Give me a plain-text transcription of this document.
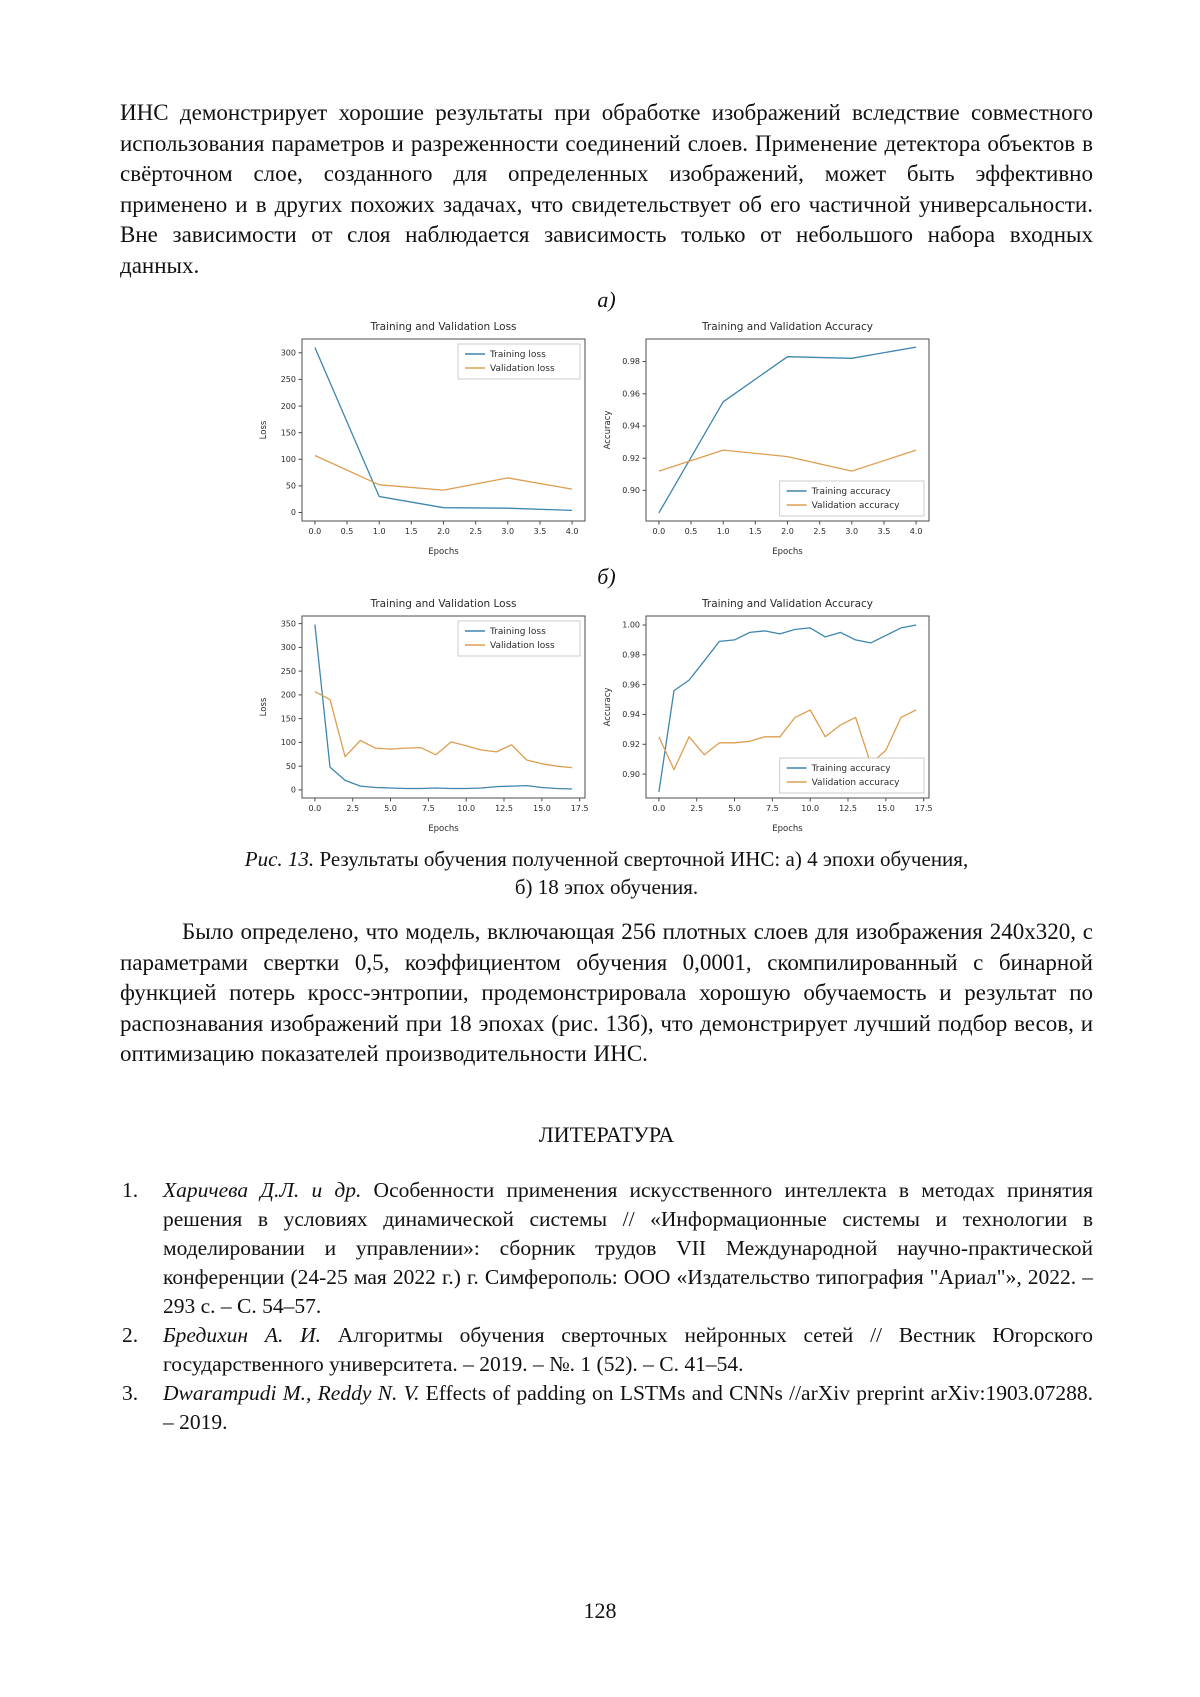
ИНС демонстрирует хорошие результаты при обработке изображений вследствие совместного использования параметров и разреженности соединений слоев. Применение детектора объектов в свёрточном слое, созданного для определенных изображений, может быть эффективно применено и в других похожих задачах, что свидетельствует об его частичной универсальности. Вне зависимости от слоя наблюдается зависимость только от небольшого набора входных данных.

а)
Training and Validation Loss
0.0 0.5 1.0 1.5 2.0 2.5 3.0 3.5 4.0
0
50
100
150
200
250
300
Epochs
Loss
Training loss
Validation loss
Training and Validation Accuracy
0.0 0.5 1.0 1.5 2.0 2.5 3.0 3.5 4.0
0.90
0.92
0.94
0.96
0.98
Epochs
Accuracy
Training accuracy
Validation accuracy
б)
Training and Validation Loss
0.0	2.5	5.0	7.5	10.0 12.5	15.0 17.5
0
50
100
150
200
250
300
350
Epochs
Loss
Training loss
Validation loss
Training and Validation Accuracy
0.0	2.5	5.0	7.5	10.0 12.5	15.0 17.5
0.90
0.92
0.94
0.96
0.98
1.00
Epochs
Accuracy
Training accuracy
Validation accuracy
Рис. 13. Результаты обучения полученной сверточной ИНС: а) 4 эпохи обучения,
б) 18 эпох обучения.

Было определено, что модель, включающая 256 плотных слоев для изображения 240x320, с параметрами свертки 0,5, коэффициентом обучения 0,0001, скомпилированный с бинарной функцией потерь кросс-энтропии, продемонстрировала хорошую обучаемость и результат по распознавания изображений при 18 эпохах (рис. 13б), что демонстрирует лучший подбор весов, и оптимизацию показателей производительности ИНС.

ЛИТЕРАТУРА
1. Харичева Д.Л. и др. Особенности применения искусственного интеллекта в методах принятия решения в условиях динамической системы // «Информационные системы и технологии в моделировании и управлении»: сборник трудов VII Международной научно-практической конференции (24-25 мая 2022 г.) г. Симферополь: ООО «Издательство типография "Ариал"», 2022. – 293 с. – С. 54–57.
2. Бредихин А. И. Алгоритмы обучения сверточных нейронных сетей // Вестник Югорского государственного университета. – 2019. – №. 1 (52). – С. 41–54.
3. Dwarampudi M., Reddy N. V. Effects of padding on LSTMs and CNNs //arXiv preprint arXiv:1903.07288. – 2019.
128
